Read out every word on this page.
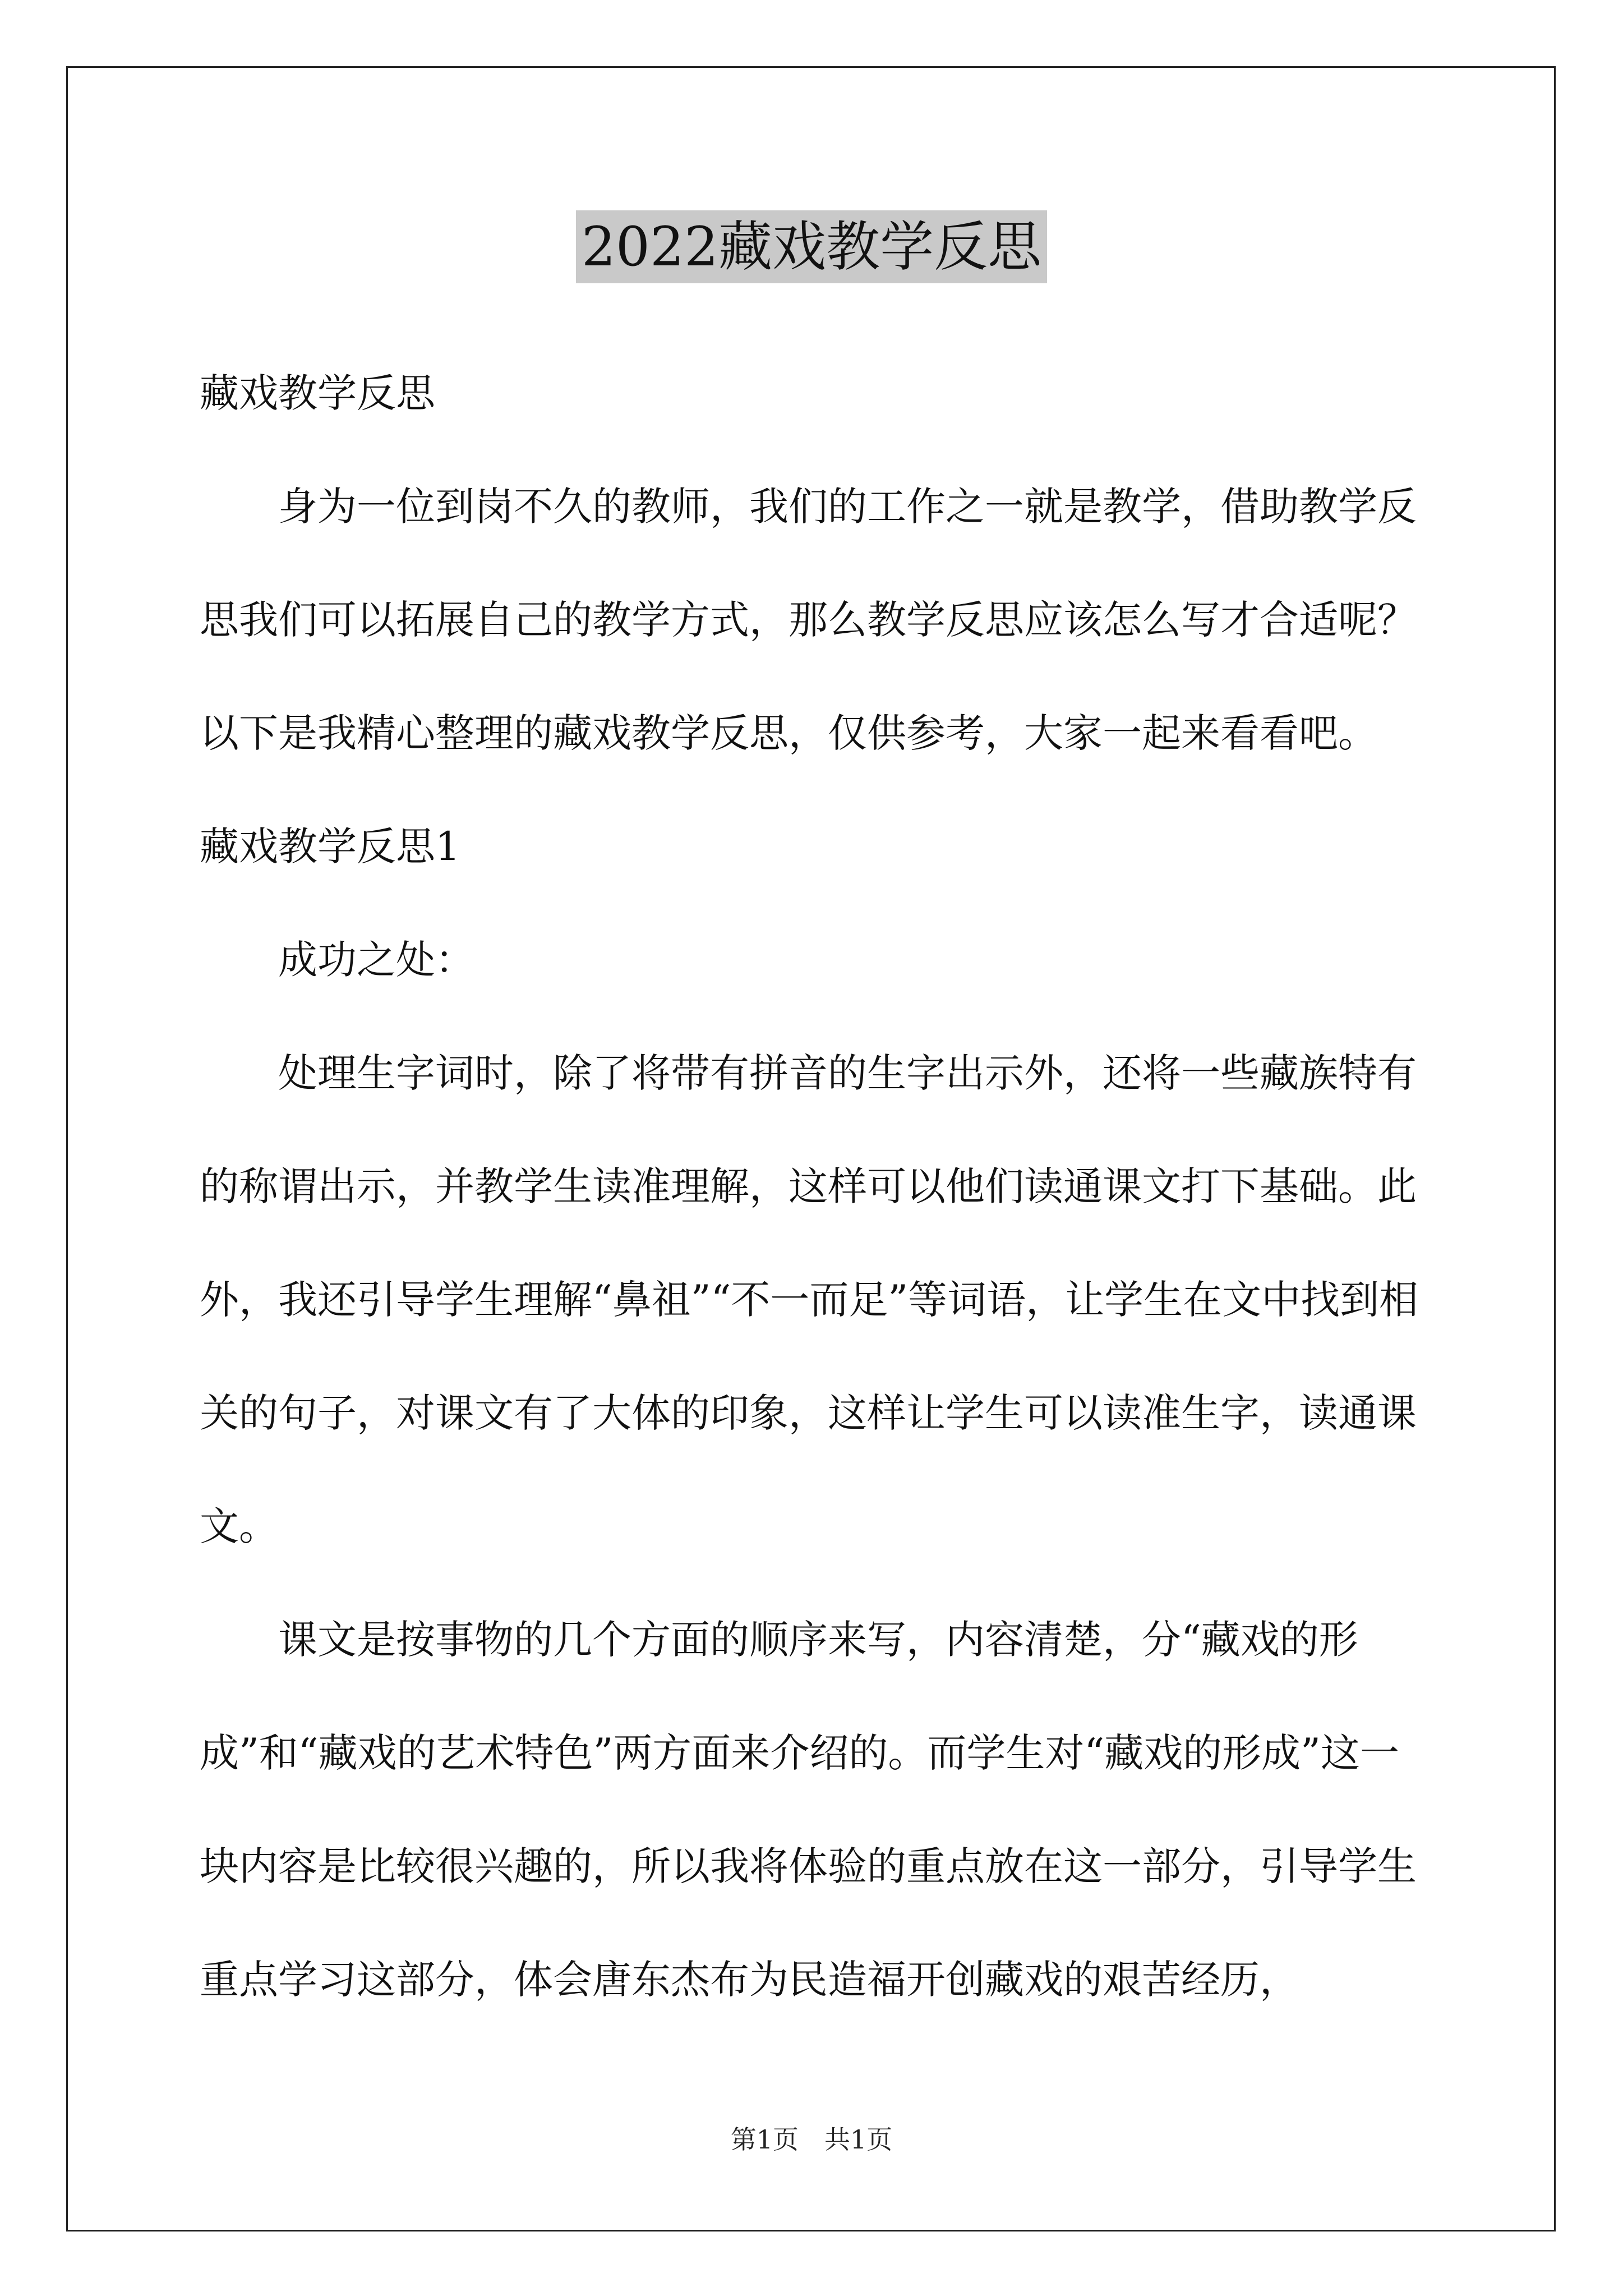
2022藏戏教学反思

藏戏教学反思

身为一位到岗不久的教师，我们的工作之一就是教学，借助教学反思我们可以拓展自己的教学方式，那么教学反思应该怎么写才合适呢？以下是我精心整理的藏戏教学反思，仅供参考，大家一起来看看吧。

藏戏教学反思1

成功之处：

处理生字词时，除了将带有拼音的生字出示外，还将一些藏族特有的称谓出示，并教学生读准理解，这样可以他们读通课文打下基础。此外，我还引导学生理解“鼻祖”“不一而足”等词语，让学生在文中找到相关的句子，对课文有了大体的印象，这样让学生可以读准生字，读通课文。

课文是按事物的几个方面的顺序来写，内容清楚，分“藏戏的形成”和“藏戏的艺术特色”两方面来介绍的。而学生对“藏戏的形成”这一块内容是比较很兴趣的，所以我将体验的重点放在这一部分，引导学生重点学习这部分，体会唐东杰布为民造福开创藏戏的艰苦经历，

第1页　共1页
